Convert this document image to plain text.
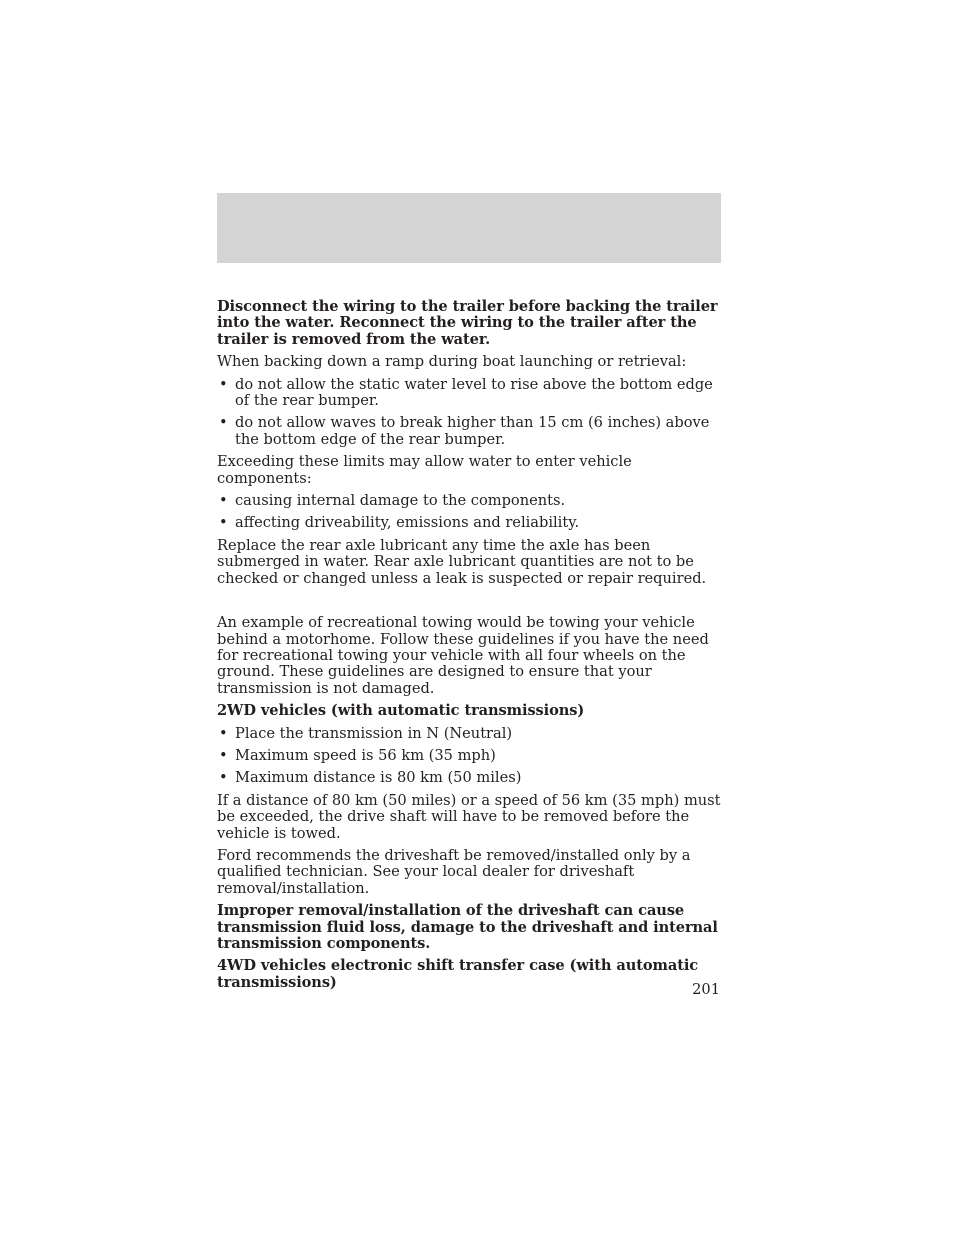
Disconnect the wiring to the trailer before backing the trailer into the water. Reconnect the wiring to the trailer after the trailer is removed from the water.

When backing down a ramp during boat launching or retrieval:

• do not allow the static water level to rise above the bottom edge of the rear bumper.
• do not allow waves to break higher than 15 cm (6 inches) above the bottom edge of the rear bumper.

Exceeding these limits may allow water to enter vehicle components:

• causing internal damage to the components.
• affecting driveability, emissions and reliability.

Replace the rear axle lubricant any time the axle has been submerged in water. Rear axle lubricant quantities are not to be checked or changed unless a leak is suspected or repair required.

An example of recreational towing would be towing your vehicle behind a motorhome. Follow these guidelines if you have the need for recreational towing your vehicle with all four wheels on the ground. These guidelines are designed to ensure that your transmission is not damaged.

2WD vehicles (with automatic transmissions)

• Place the transmission in N (Neutral)
• Maximum speed is 56 km (35 mph)
• Maximum distance is 80 km (50 miles)

If a distance of 80 km (50 miles) or a speed of 56 km (35 mph) must be exceeded, the drive shaft will have to be removed before the vehicle is towed.

Ford recommends the driveshaft be removed/installed only by a qualified technician. See your local dealer for driveshaft removal/installation.

Improper removal/installation of the driveshaft can cause transmission fluid loss, damage to the driveshaft and internal transmission components.

4WD vehicles electronic shift transfer case (with automatic transmissions)	201
